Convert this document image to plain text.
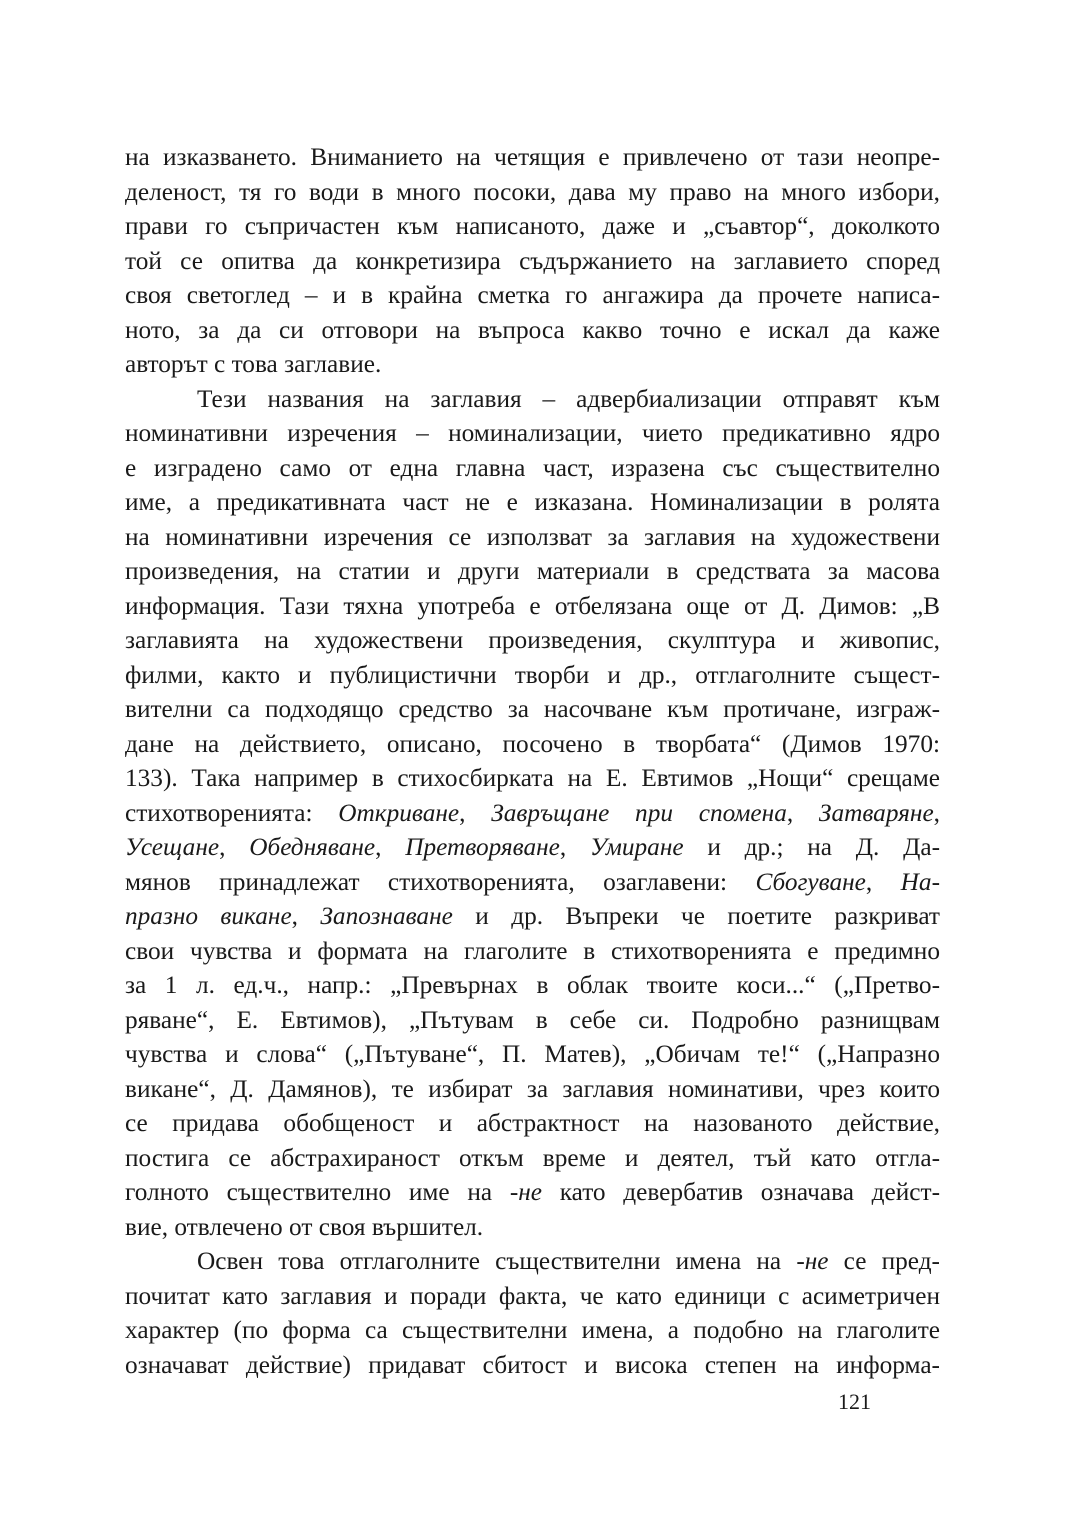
на изказването. Вниманието на четящия е привлечено от тази неопре-
деленост, тя го води в много посоки, дава му право на много избори,
прави го съпричастен към написаното, даже и „съавтор“, доколкото
той се опитва да конкретизира съдържанието на заглавието според
своя светоглед – и в крайна сметка го ангажира да прочете написа-
ното, за да си отговори на въпроса какво точно е искал да каже
авторът с това заглавие.
Тези названия на заглавия – адвербиализации отправят към
номинативни изречения – номинализации, чието предикативно ядро
е изградено само от една главна част, изразена със съществително
име, а предикативната част не е изказана. Номинализации в ролята
на номинативни изречения се използват за заглавия на художествени
произведения, на статии и други материали в средствата за масова
информация. Тази тяхна употреба е отбелязана още от Д. Димов: „В
заглавията на художествени произведения, скулптура и живопис,
филми, както и публицистични творби и др., отглаголните същест-
вителни са подходящо средство за насочване към протичане, изграж-
дане на действието, описано, посочено в творбата“ (Димов 1970:
133). Така например в стихосбирката на Е. Евтимов „Нощи“ срещаме
стихотворенията: Откриване, Завръщане при спомена, Затваряне,
Усещане, Обедняване, Претворяване, Умиране и др.; на Д. Да-
мянов принадлежат стихотворенията, озаглавени: Сбогуване, На-
празно викане, Запознаване и др. Въпреки че поетите разкриват
свои чувства и формата на глаголите в стихотворенията е предимно
за 1 л. ед.ч., напр.: „Превърнах в облак твоите коси...“ („Претво-
ряване“, Е. Евтимов), „Пътувам в себе си. Подробно разнищвам
чувства и слова“ („Пътуване“, П. Матев), „Обичам те!“ („Напразно
викане“, Д. Дамянов), те избират за заглавия номинативи, чрез които
се придава обобщеност и абстрактност на назованото действие,
постига се абстрахираност откъм време и деятел, тъй като отгла-
голното съществително име на -не като девербатив означава дейст-
вие, отвлечено от своя вършител.
Освен това отглаголните съществителни имена на -не се пред-
почитат като заглавия и поради факта, че като единици с асиметричен
характер (по форма са съществителни имена, а подобно на глаголите
означават действие) придават сбитост и висока степен на информа-
121
